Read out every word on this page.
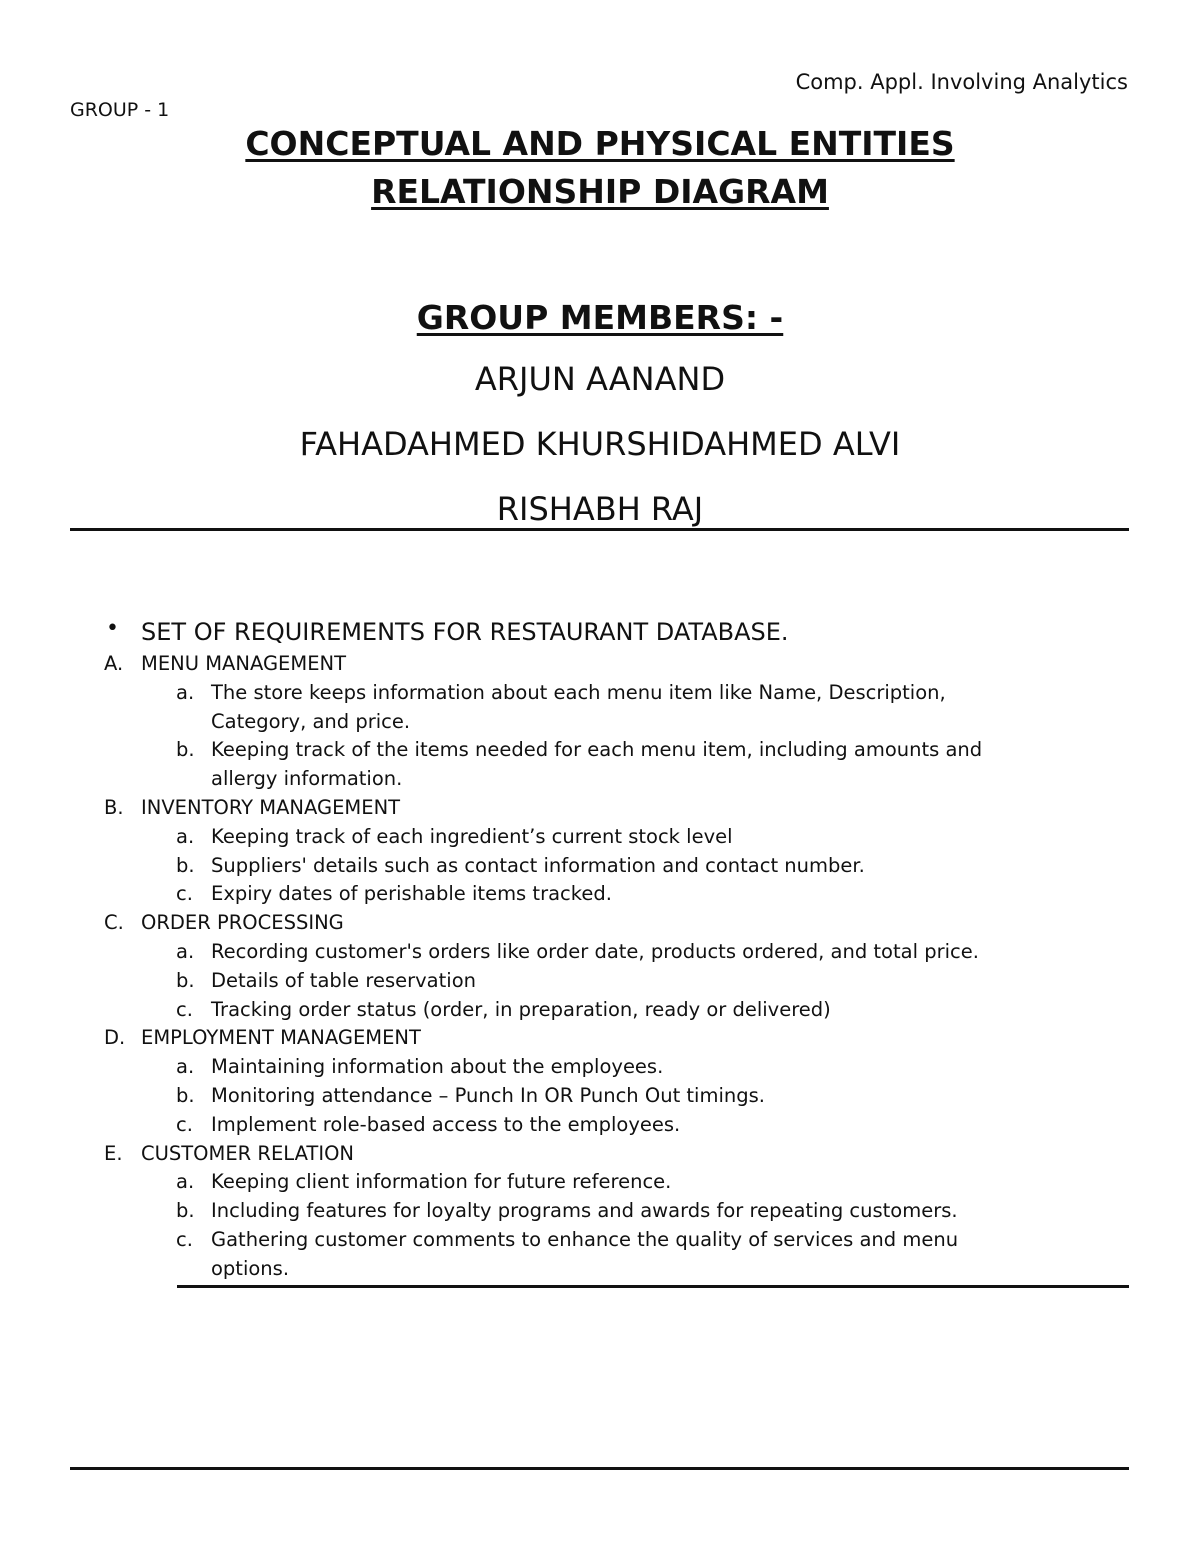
Comp. Appl. Involving Analytics
GROUP - 1
CONCEPTUAL AND PHYSICAL ENTITIES
RELATIONSHIP DIAGRAM
GROUP MEMBERS: -
ARJUN AANAND
FAHADAHMED KHURSHIDAHMED ALVI
RISHABH RAJ
• SET OF REQUIREMENTS FOR RESTAURANT DATABASE.
A. MENU MANAGEMENT
a. The store keeps information about each menu item like Name, Description,
Category, and price.
b. Keeping track of the items needed for each menu item, including amounts and
allergy information.
B. INVENTORY MANAGEMENT
a. Keeping track of each ingredient’s current stock level
b. Suppliers' details such as contact information and contact number.
c. Expiry dates of perishable items tracked.
C. ORDER PROCESSING
a. Recording customer's orders like order date, products ordered, and total price.
b. Details of table reservation
c. Tracking order status (order, in preparation, ready or delivered)
D. EMPLOYMENT MANAGEMENT
a. Maintaining information about the employees.
b. Monitoring attendance – Punch In OR Punch Out timings.
c. Implement role-based access to the employees.
E. CUSTOMER RELATION
a. Keeping client information for future reference.
b. Including features for loyalty programs and awards for repeating customers.
c. Gathering customer comments to enhance the quality of services and menu
options.
